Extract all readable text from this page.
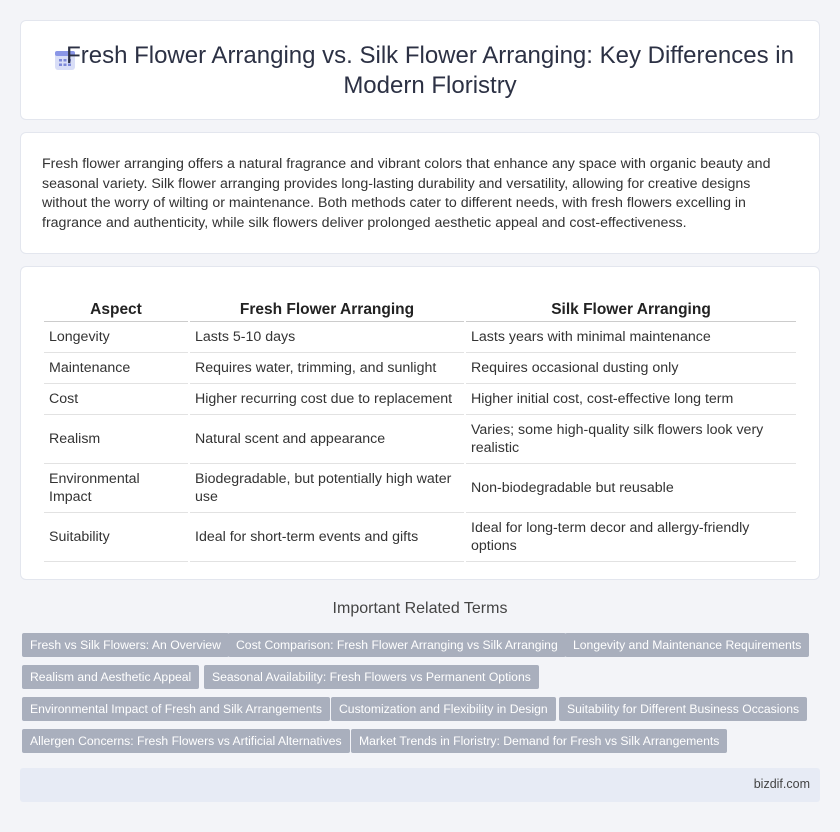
Fresh Flower Arranging vs. Silk Flower Arranging: Key Differences in Modern Floristry

Fresh flower arranging offers a natural fragrance and vibrant colors that enhance any space with organic beauty and seasonal variety. Silk flower arranging provides long-lasting durability and versatility, allowing for creative designs without the worry of wilting or maintenance. Both methods cater to different needs, with fresh flowers excelling in fragrance and authenticity, while silk flowers deliver prolonged aesthetic appeal and cost-effectiveness.

Aspect	Fresh Flower Arranging	Silk Flower Arranging
Longevity	Lasts 5-10 days	Lasts years with minimal maintenance
Maintenance	Requires water, trimming, and sunlight	Requires occasional dusting only
Cost	Higher recurring cost due to replacement	Higher initial cost, cost-effective long term
Realism	Natural scent and appearance	Varies; some high-quality silk flowers look very realistic
Environmental Impact	Biodegradable, but potentially high water use	Non-biodegradable but reusable
Suitability	Ideal for short-term events and gifts	Ideal for long-term decor and allergy-friendly options
Important Related Terms
Fresh vs Silk Flowers: An Overview	Cost Comparison: Fresh Flower Arranging vs Silk Arranging	Longevity and Maintenance Requirements
Realism and Aesthetic Appeal	Seasonal Availability: Fresh Flowers vs Permanent Options
Environmental Impact of Fresh and Silk Arrangements	Customization and Flexibility in Design	Suitability for Different Business Occasions
Allergen Concerns: Fresh Flowers vs Artificial Alternatives	Market Trends in Floristry: Demand for Fresh vs Silk Arrangements
bizdif.com
